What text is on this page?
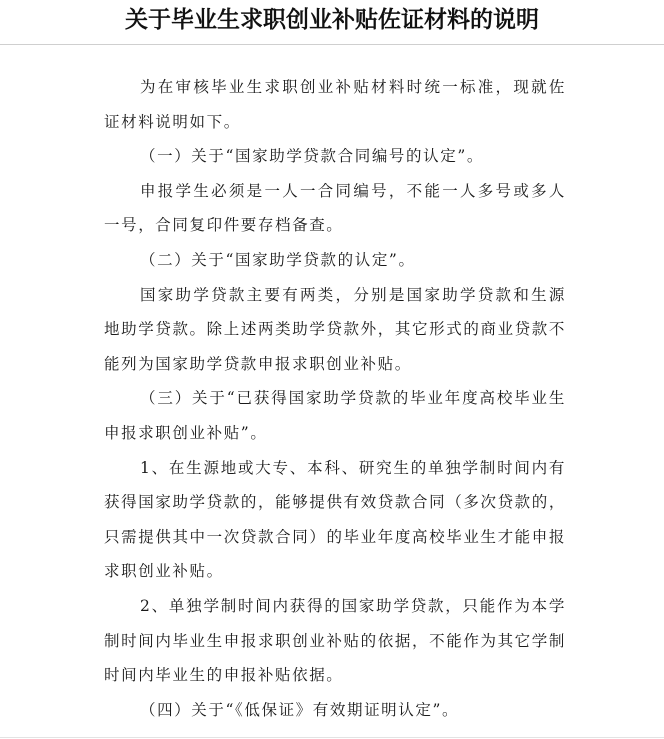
关于毕业生求职创业补贴佐证材料的说明

为在审核毕业生求职创业补贴材料时统一标准，现就佐证材料说明如下。

（一）关于“国家助学贷款合同编号的认定”。

申报学生必须是一人一合同编号，不能一人多号或多人一号，合同复印件要存档备查。

（二）关于“国家助学贷款的认定”。

国家助学贷款主要有两类，分别是国家助学贷款和生源地助学贷款。除上述两类助学贷款外，其它形式的商业贷款不能列为国家助学贷款申报求职创业补贴。

（三）关于“已获得国家助学贷款的毕业年度高校毕业生申报求职创业补贴”。

1、在生源地或大专、本科、研究生的单独学制时间内有获得国家助学贷款的，能够提供有效贷款合同（多次贷款的，只需提供其中一次贷款合同）的毕业年度高校毕业生才能申报求职创业补贴。

2、单独学制时间内获得的国家助学贷款，只能作为本学制时间内毕业生申报求职创业补贴的依据，不能作为其它学制时间内毕业生的申报补贴依据。

（四）关于“《低保证》有效期证明认定”。
